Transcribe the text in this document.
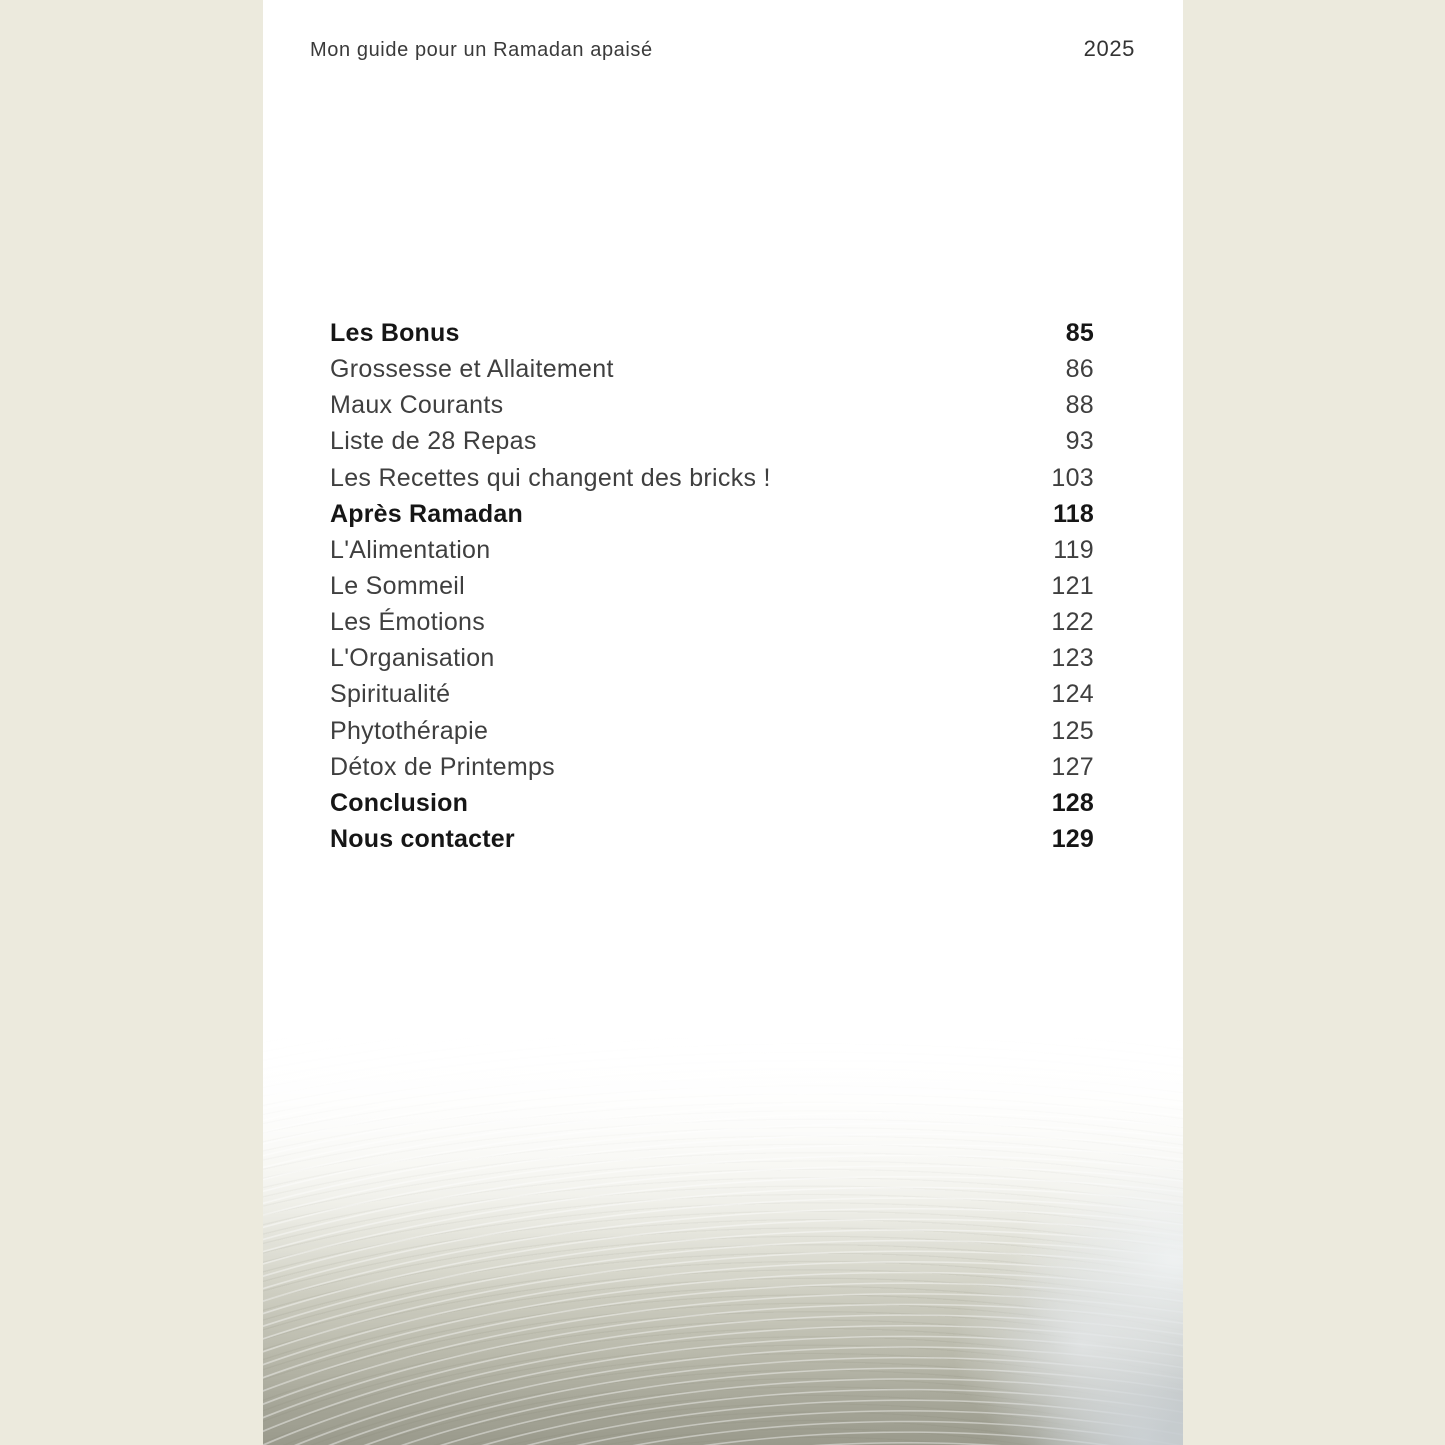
Mon guide pour un Ramadan apaisé	2025
Les Bonus	85
Grossesse et Allaitement	86
Maux Courants	88
Liste de 28 Repas	93
Les Recettes qui changent des bricks !	103
Après Ramadan	118
L'Alimentation	119
Le Sommeil	121
Les Émotions	122
L'Organisation	123
Spiritualité	124
Phytothérapie	125
Détox de Printemps	127
Conclusion	128
Nous contacter	129
